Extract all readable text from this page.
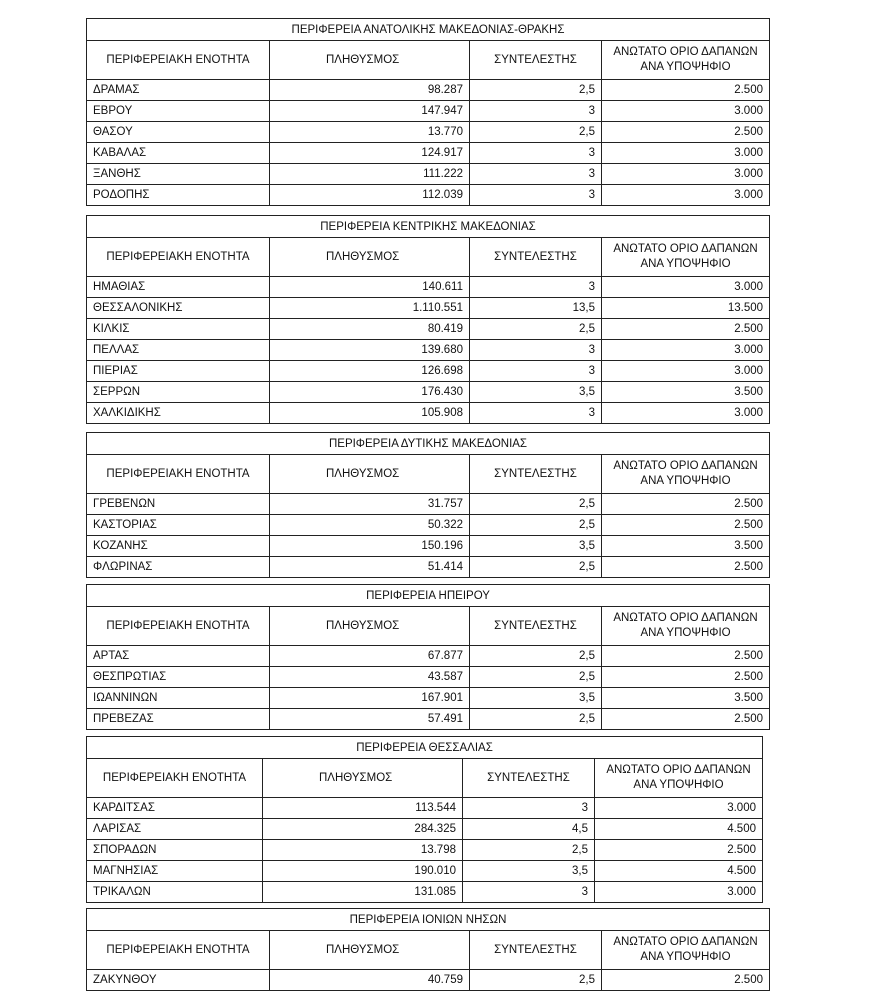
ΠΕΡΙΦΕΡΕΙΑ ΑΝΑΤΟΛΙΚΗΣ ΜΑΚΕΔΟΝΙΑΣ-ΘΡΑΚΗΣ			
ΠΕΡΙΦΕΡΕΙΑΚΗ ΕΝΟΤΗΤΑ	ΠΛΗΘΥΣΜΟΣ	ΣΥΝΤΕΛΕΣΤΗΣ	ΑΝΩΤΑΤΟ ΟΡΙΟ ΔΑΠΑΝΩΝ ΑΝΑ ΥΠΟΨΗΦΙΟ
ΔΡΑΜΑΣ	98.287	2,5	2.500
ΕΒΡΟΥ	147.947	3	3.000
ΘΑΣΟΥ	13.770	2,5	2.500
ΚΑΒΑΛΑΣ	124.917	3	3.000
ΞΑΝΘΗΣ	111.222	3	3.000
ΡΟΔΟΠΗΣ	112.039	3	3.000
ΠΕΡΙΦΕΡΕΙΑ ΚΕΝΤΡΙΚΗΣ ΜΑΚΕΔΟΝΙΑΣ			
ΠΕΡΙΦΕΡΕΙΑΚΗ ΕΝΟΤΗΤΑ	ΠΛΗΘΥΣΜΟΣ	ΣΥΝΤΕΛΕΣΤΗΣ	ΑΝΩΤΑΤΟ ΟΡΙΟ ΔΑΠΑΝΩΝ ΑΝΑ ΥΠΟΨΗΦΙΟ
ΗΜΑΘΙΑΣ	140.611	3	3.000
ΘΕΣΣΑΛΟΝΙΚΗΣ	1.110.551	13,5	13.500
ΚΙΛΚΙΣ	80.419	2,5	2.500
ΠΕΛΛΑΣ	139.680	3	3.000
ΠΙΕΡΙΑΣ	126.698	3	3.000
ΣΕΡΡΩΝ	176.430	3,5	3.500
ΧΑΛΚΙΔΙΚΗΣ	105.908	3	3.000
ΠΕΡΙΦΕΡΕΙΑ ΔΥΤΙΚΗΣ ΜΑΚΕΔΟΝΙΑΣ			
ΠΕΡΙΦΕΡΕΙΑΚΗ ΕΝΟΤΗΤΑ	ΠΛΗΘΥΣΜΟΣ	ΣΥΝΤΕΛΕΣΤΗΣ	ΑΝΩΤΑΤΟ ΟΡΙΟ ΔΑΠΑΝΩΝ ΑΝΑ ΥΠΟΨΗΦΙΟ
ΓΡΕΒΕΝΩΝ	31.757	2,5	2.500
ΚΑΣΤΟΡΙΑΣ	50.322	2,5	2.500
ΚΟΖΑΝΗΣ	150.196	3,5	3.500
ΦΛΩΡΙΝΑΣ	51.414	2,5	2.500
ΠΕΡΙΦΕΡΕΙΑ ΗΠΕΙΡΟΥ			
ΠΕΡΙΦΕΡΕΙΑΚΗ ΕΝΟΤΗΤΑ	ΠΛΗΘΥΣΜΟΣ	ΣΥΝΤΕΛΕΣΤΗΣ	ΑΝΩΤΑΤΟ ΟΡΙΟ ΔΑΠΑΝΩΝ ΑΝΑ ΥΠΟΨΗΦΙΟ
ΑΡΤΑΣ	67.877	2,5	2.500
ΘΕΣΠΡΩΤΙΑΣ	43.587	2,5	2.500
ΙΩΑΝΝΙΝΩΝ	167.901	3,5	3.500
ΠΡΕΒΕΖΑΣ	57.491	2,5	2.500
ΠΕΡΙΦΕΡΕΙΑ ΘΕΣΣΑΛΙΑΣ			
ΠΕΡΙΦΕΡΕΙΑΚΗ ΕΝΟΤΗΤΑ	ΠΛΗΘΥΣΜΟΣ	ΣΥΝΤΕΛΕΣΤΗΣ	ΑΝΩΤΑΤΟ ΟΡΙΟ ΔΑΠΑΝΩΝ ΑΝΑ ΥΠΟΨΗΦΙΟ
ΚΑΡΔΙΤΣΑΣ	113.544	3	3.000
ΛΑΡΙΣΑΣ	284.325	4,5	4.500
ΣΠΟΡΑΔΩΝ	13.798	2,5	2.500
ΜΑΓΝΗΣΙΑΣ	190.010	3,5	4.500
ΤΡΙΚΑΛΩΝ	131.085	3	3.000
ΠΕΡΙΦΕΡΕΙΑ ΙΟΝΙΩΝ ΝΗΣΩΝ			
ΠΕΡΙΦΕΡΕΙΑΚΗ ΕΝΟΤΗΤΑ	ΠΛΗΘΥΣΜΟΣ	ΣΥΝΤΕΛΕΣΤΗΣ	ΑΝΩΤΑΤΟ ΟΡΙΟ ΔΑΠΑΝΩΝ ΑΝΑ ΥΠΟΨΗΦΙΟ
ΖΑΚΥΝΘΟΥ	40.759	2,5	2.500
